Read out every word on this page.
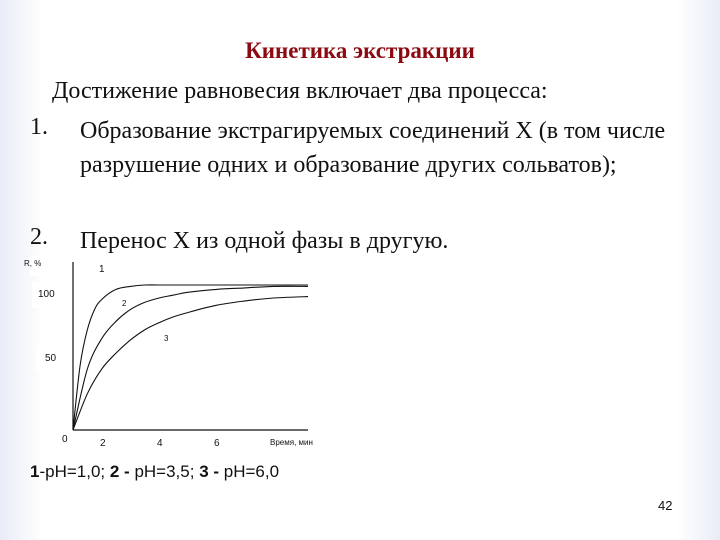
Кинетика экстракции
Достижение равновесия включает два процесса:
1. Образование экстрагируемых соединений Х (в том числе разрушение одних и образование других сольватов);
2. Перенос Х из одной фазы в другую.
R, %
Время, мин
100
50
0	2	4	6
1
2
3
1-pH=1,0; 2 - pH=3,5; 3 - pH=6,0
42
